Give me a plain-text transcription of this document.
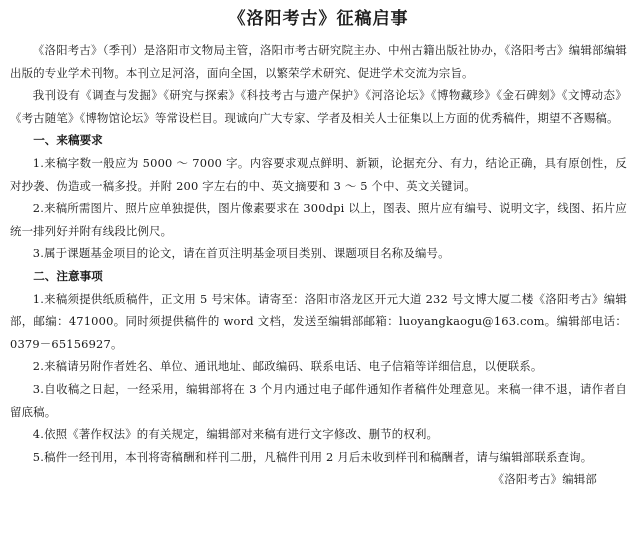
《洛阳考古》征稿启事

《洛阳考古》（季刊）是洛阳市文物局主管，洛阳市考古研究院主办、中州古籍出版社协办，《洛阳考古》编辑部编辑出版的专业学术刊物。本刊立足河洛，面向全国，以繁荣学术研究、促进学术交流为宗旨。

我刊设有《调查与发掘》《研究与探索》《科技考古与遗产保护》《河洛论坛》《博物藏珍》《金石碑刻》《文博动态》《考古随笔》《博物馆论坛》等常设栏目。现诚向广大专家、学者及相关人士征集以上方面的优秀稿件，期望不吝赐稿。

一、来稿要求

1.来稿字数一般应为 5000 ～ 7000 字。内容要求观点鲜明、新颖，论据充分、有力，结论正确，具有原创性，反对抄袭、伪造或一稿多投。并附 200 字左右的中、英文摘要和 3 ～ 5 个中、英文关键词。

2.来稿所需图片、照片应单独提供，图片像素要求在 300dpi 以上，图表、照片应有编号、说明文字，线图、拓片应统一排列好并附有线段比例尺。

3.属于课题基金项目的论文，请在首页注明基金项目类别、课题项目名称及编号。

二、注意事项

1.来稿须提供纸质稿件，正文用 5 号宋体。请寄至：洛阳市洛龙区开元大道 232 号文博大厦二楼《洛阳考古》编辑部，邮编：471000。同时须提供稿件的 word 文档，发送至编辑部邮箱：luoyangkaogu@163.com。编辑部电话：0379－65156927。

2.来稿请另附作者姓名、单位、通讯地址、邮政编码、联系电话、电子信箱等详细信息，以便联系。

3.自收稿之日起，一经采用，编辑部将在 3 个月内通过电子邮件通知作者稿件处理意见。来稿一律不退，请作者自留底稿。

4.依照《著作权法》的有关规定，编辑部对来稿有进行文字修改、删节的权利。

5.稿件一经刊用，本刊将寄稿酬和样刊二册，凡稿件刊用 2 月后未收到样刊和稿酬者，请与编辑部联系查询。

《洛阳考古》编辑部
